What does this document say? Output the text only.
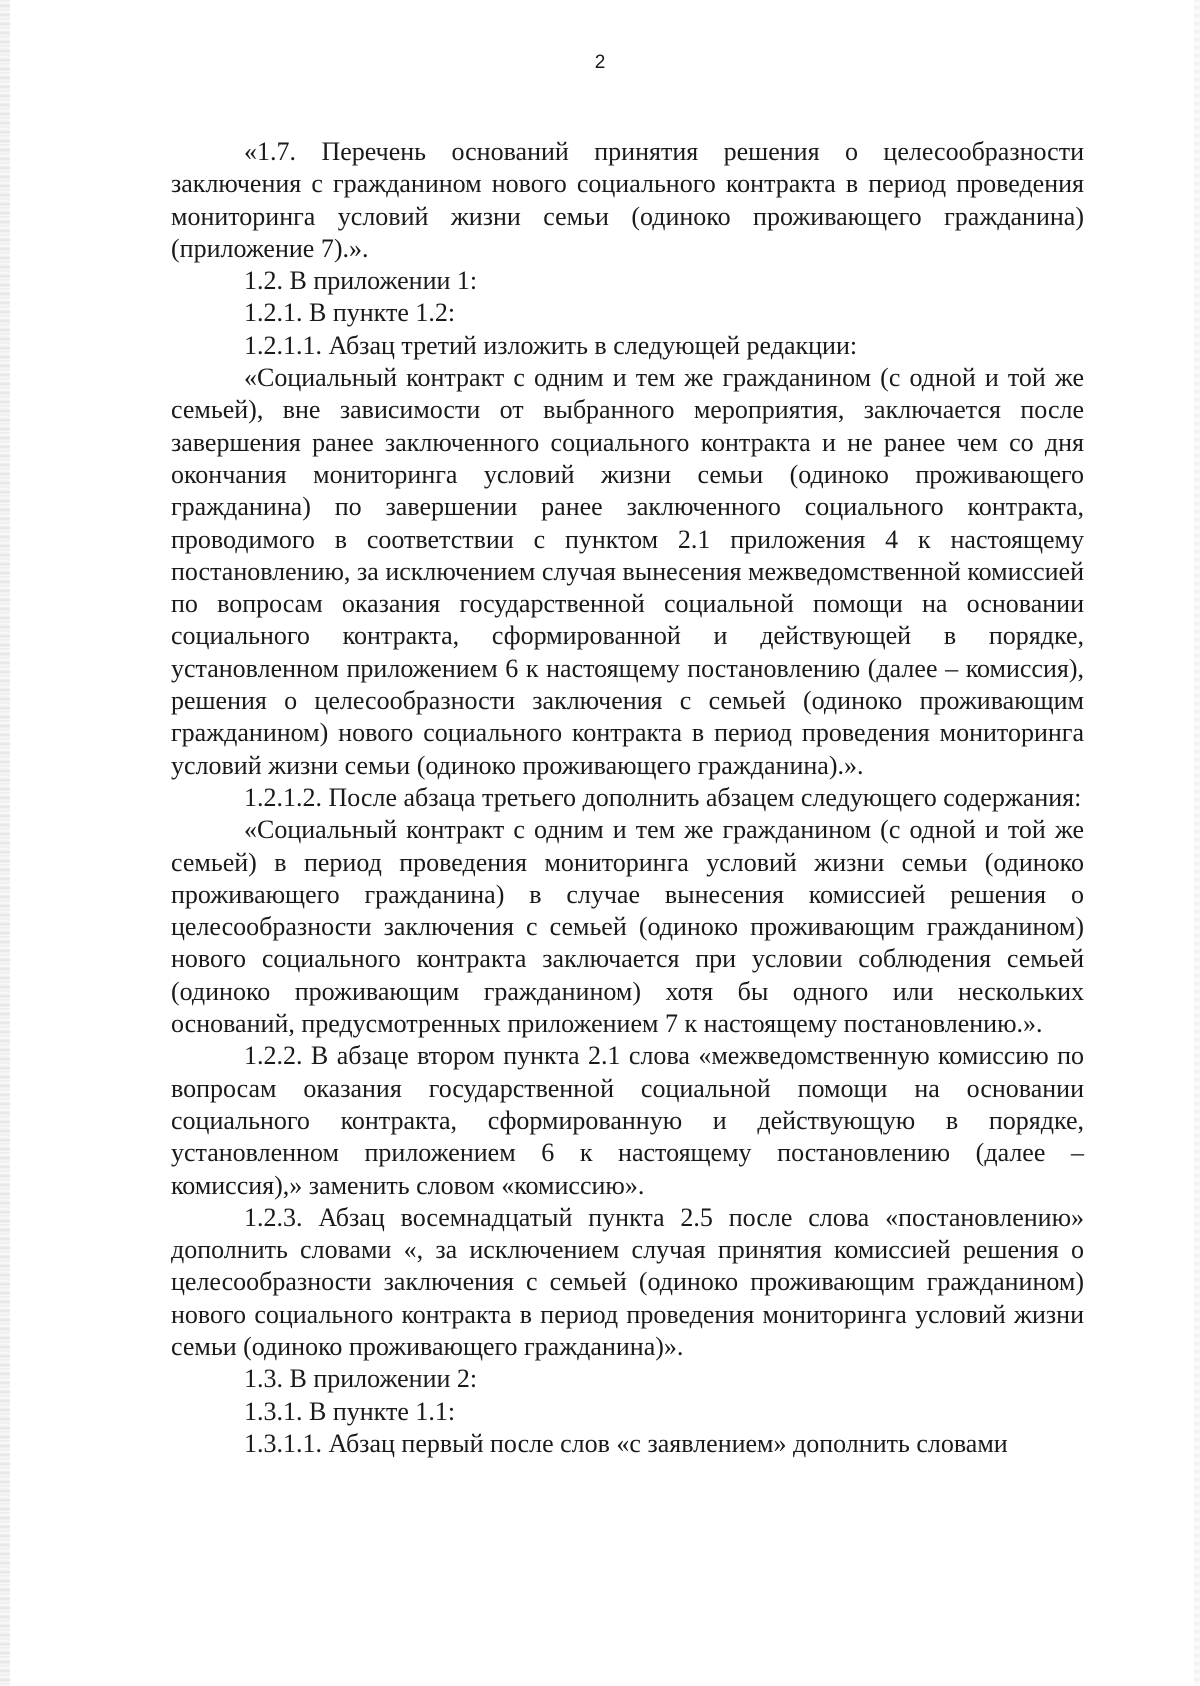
2

«1.7. Перечень оснований принятия решения о целесообразности заключения с гражданином нового социального контракта в период проведения мониторинга условий жизни семьи (одиноко проживающего гражданина) (приложение 7).».

1.2. В приложении 1:

1.2.1. В пункте 1.2:

1.2.1.1. Абзац третий изложить в следующей редакции:

«Социальный контракт с одним и тем же гражданином (с одной и той же семьей), вне зависимости от выбранного мероприятия, заключается после завершения ранее заключенного социального контракта и не ранее чем со дня окончания мониторинга условий жизни семьи (одиноко проживающего гражданина) по завершении ранее заключенного социального контракта, проводимого в соответствии с пунктом 2.1 приложения 4 к настоящему постановлению, за исключением случая вынесения межведомственной комиссией по вопросам оказания государственной социальной помощи на основании социального контракта, сформированной и действующей в порядке, установленном приложением 6 к настоящему постановлению (далее – комиссия), решения о целесообразности заключения с семьей (одиноко проживающим гражданином) нового социального контракта в период проведения мониторинга условий жизни семьи (одиноко проживающего гражданина).».

1.2.1.2. После абзаца третьего дополнить абзацем следующего содержания:

«Социальный контракт с одним и тем же гражданином (с одной и той же семьей) в период проведения мониторинга условий жизни семьи (одиноко проживающего гражданина) в случае вынесения комиссией решения о целесообразности заключения с семьей (одиноко проживающим гражданином) нового социального контракта заключается при условии соблюдения семьей (одиноко проживающим гражданином) хотя бы одного или нескольких оснований, предусмотренных приложением 7 к настоящему постановлению.».

1.2.2. В абзаце втором пункта 2.1 слова «межведомственную комиссию по вопросам оказания государственной социальной помощи на основании социального контракта, сформированную и действующую в порядке, установленном приложением 6 к настоящему постановлению (далее – комиссия),» заменить словом «комиссию».

1.2.3. Абзац восемнадцатый пункта 2.5 после слова «постановлению» дополнить словами «, за исключением случая принятия комиссией решения о целесообразности заключения с семьей (одиноко проживающим гражданином) нового социального контракта в период проведения мониторинга условий жизни семьи (одиноко проживающего гражданина)».

1.3. В приложении 2:

1.3.1. В пункте 1.1:

1.3.1.1. Абзац первый после слов «с заявлением» дополнить словами
